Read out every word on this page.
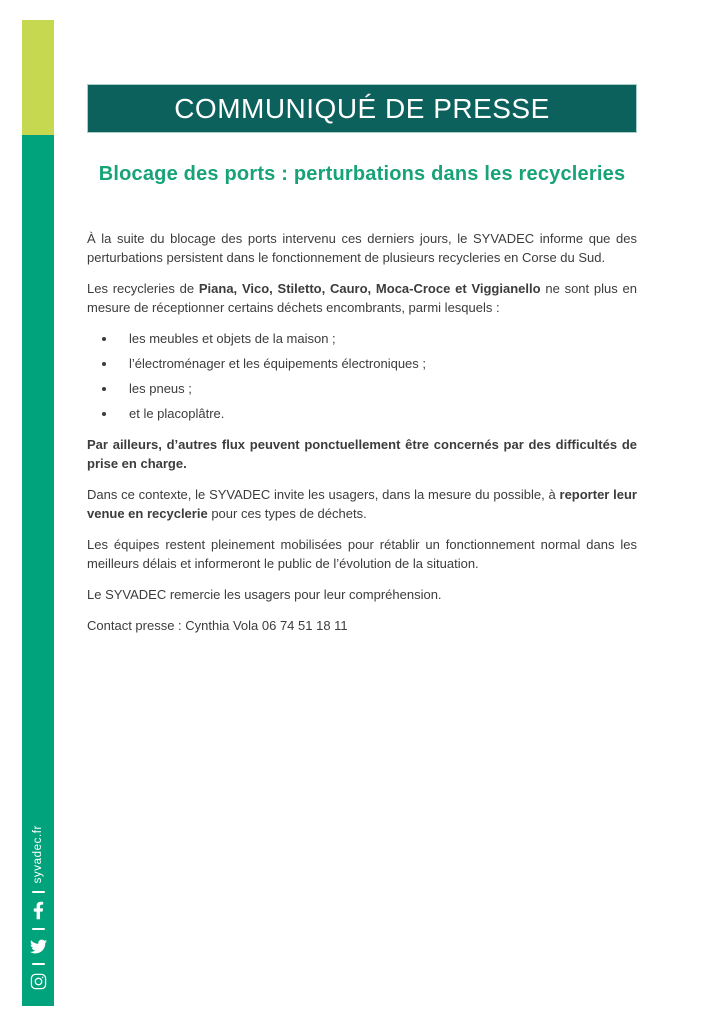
syvadec.fr
COMMUNIQUÉ DE PRESSE
Blocage des ports : perturbations dans les recycleries

À la suite du blocage des ports intervenu ces derniers jours, le SYVADEC informe que des perturbations persistent dans le fonctionnement de plusieurs recycleries en Corse du Sud.

Les recycleries de Piana, Vico, Stiletto, Cauro, Moca-Croce et Viggianello ne sont plus en mesure de réceptionner certains déchets encombrants, parmi lesquels :

• les meubles et objets de la maison ;
• l’électroménager et les équipements électroniques ;
• les pneus ;
• et le placoplâtre.

Par ailleurs, d’autres flux peuvent ponctuellement être concernés par des difficultés de prise en charge.

Dans ce contexte, le SYVADEC invite les usagers, dans la mesure du possible, à reporter leur venue en recyclerie pour ces types de déchets.

Les équipes restent pleinement mobilisées pour rétablir un fonctionnement normal dans les meilleurs délais et informeront le public de l’évolution de la situation.

Le SYVADEC remercie les usagers pour leur compréhension.

Contact presse : Cynthia Vola 06 74 51 18 11
